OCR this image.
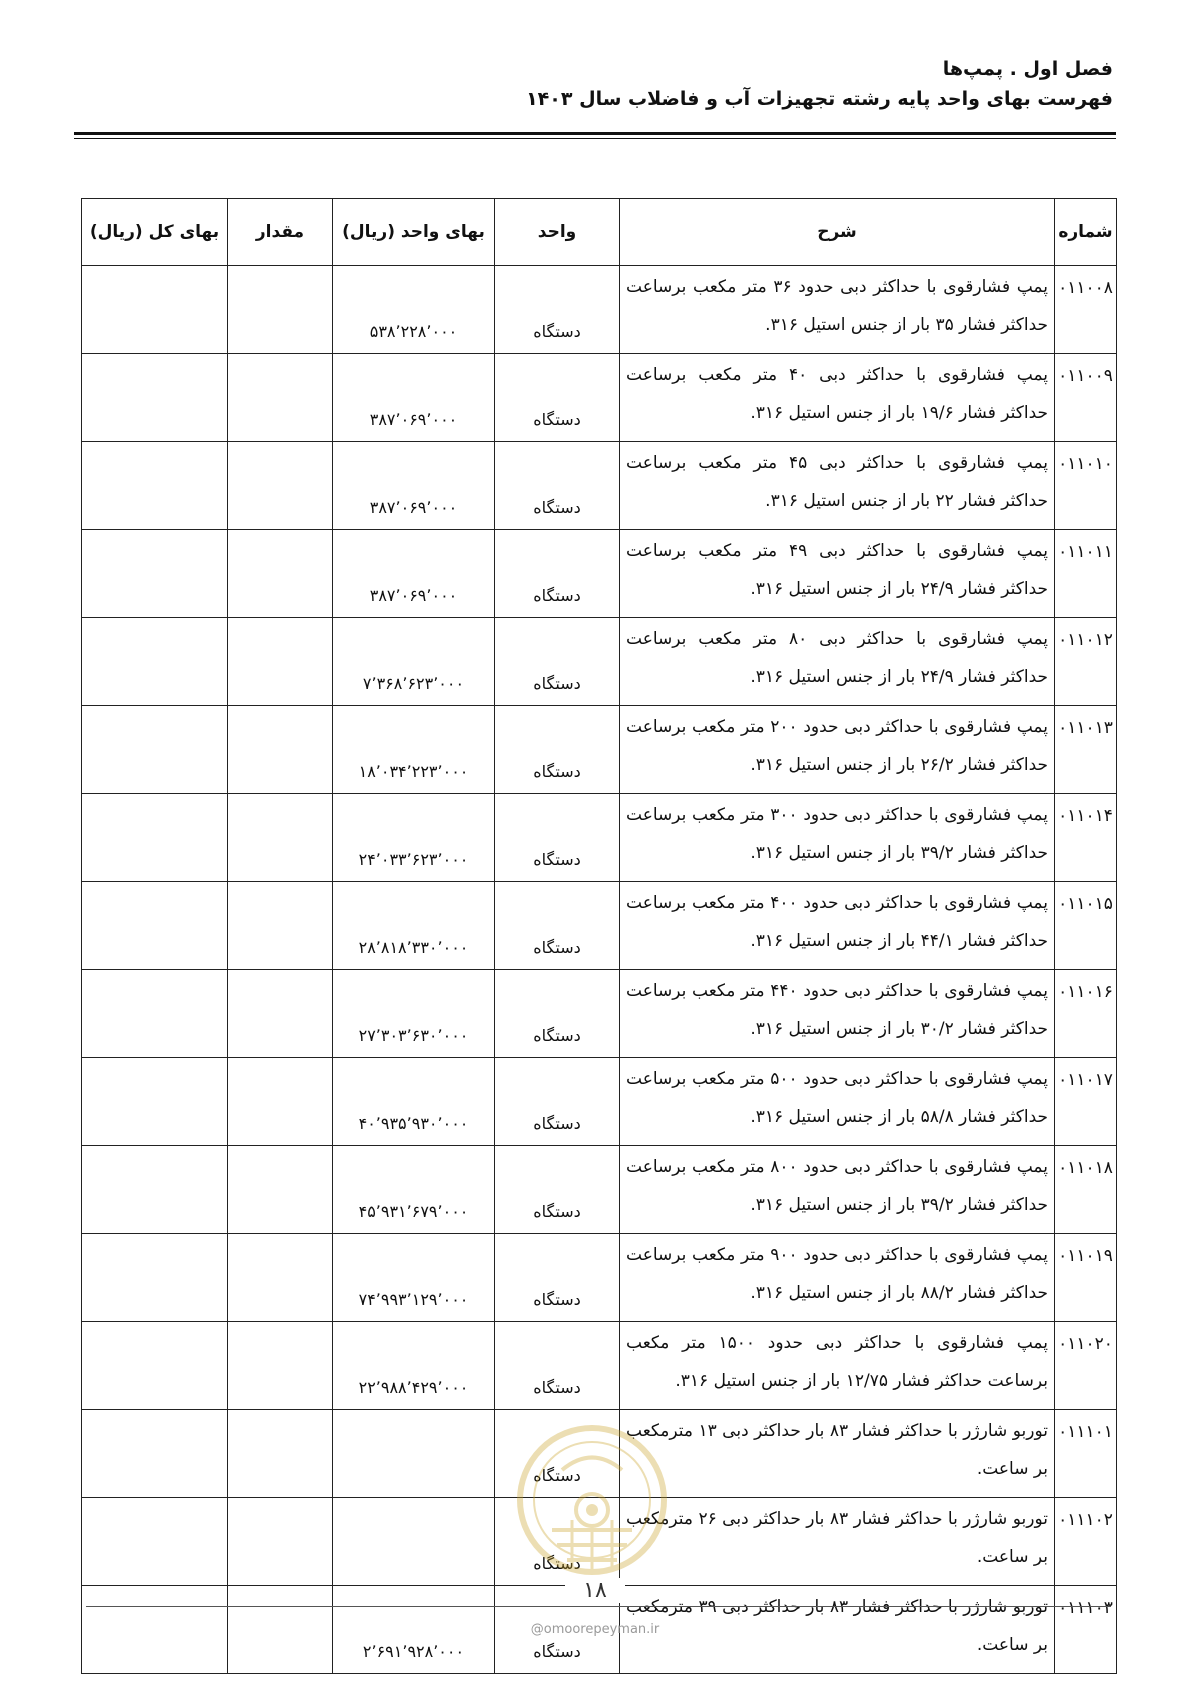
فصل اول . پمپ‌ها
فهرست بهای واحد پایه رشته تجهیزات آب و فاضلاب سال ۱۴۰۳
شماره	شرح	واحد	بهای واحد (ریال)	مقدار	بهای کل (ریال)
۰۱۱۰۰۸	پمپ فشارقوی با حداکثر دبی حدود ۳۶ متر مکعب برساعت حداکثر فشار ۳۵ بار از جنس استیل ۳۱۶.	دستگاه	۵۳۸٬۲۲۸٬۰۰۰		
۰۱۱۰۰۹	پمپ فشارقوی با حداکثر دبی ۴۰ متر مکعب برساعت حداکثر فشار ۱۹/۶ بار از جنس استیل ۳۱۶.	دستگاه	۳۸۷٬۰۶۹٬۰۰۰		
۰۱۱۰۱۰	پمپ فشارقوی با حداکثر دبی ۴۵ متر مکعب برساعت حداکثر فشار ۲۲ بار از جنس استیل ۳۱۶.	دستگاه	۳۸۷٬۰۶۹٬۰۰۰		
۰۱۱۰۱۱	پمپ فشارقوی با حداکثر دبی ۴۹ متر مکعب برساعت حداکثر فشار ۲۴/۹ بار از جنس استیل ۳۱۶.	دستگاه	۳۸۷٬۰۶۹٬۰۰۰		
۰۱۱۰۱۲	پمپ فشارقوی با حداکثر دبی ۸۰ متر مکعب برساعت حداکثر فشار ۲۴/۹ بار از جنس استیل ۳۱۶.	دستگاه	۷٬۳۶۸٬۶۲۳٬۰۰۰		
۰۱۱۰۱۳	پمپ فشارقوی با حداکثر دبی حدود ۲۰۰ متر مکعب برساعت حداکثر فشار ۲۶/۲ بار از جنس استیل ۳۱۶.	دستگاه	۱۸٬۰۳۴٬۲۲۳٬۰۰۰		
۰۱۱۰۱۴	پمپ فشارقوی با حداکثر دبی حدود ۳۰۰ متر مکعب برساعت حداکثر فشار ۳۹/۲ بار از جنس استیل ۳۱۶.	دستگاه	۲۴٬۰۳۳٬۶۲۳٬۰۰۰		
۰۱۱۰۱۵	پمپ فشارقوی با حداکثر دبی حدود ۴۰۰ متر مکعب برساعت حداکثر فشار ۴۴/۱ بار از جنس استیل ۳۱۶.	دستگاه	۲۸٬۸۱۸٬۳۳۰٬۰۰۰		
۰۱۱۰۱۶	پمپ فشارقوی با حداکثر دبی حدود ۴۴۰ متر مکعب برساعت حداکثر فشار ۳۰/۲ بار از جنس استیل ۳۱۶.	دستگاه	۲۷٬۳۰۳٬۶۳۰٬۰۰۰		
۰۱۱۰۱۷	پمپ فشارقوی با حداکثر دبی حدود ۵۰۰ متر مکعب برساعت حداکثر فشار ۵۸/۸ بار از جنس استیل ۳۱۶.	دستگاه	۴۰٬۹۳۵٬۹۳۰٬۰۰۰		
۰۱۱۰۱۸	پمپ فشارقوی با حداکثر دبی حدود ۸۰۰ متر مکعب برساعت حداکثر فشار ۳۹/۲ بار از جنس استیل ۳۱۶.	دستگاه	۴۵٬۹۳۱٬۶۷۹٬۰۰۰		
۰۱۱۰۱۹	پمپ فشارقوی با حداکثر دبی حدود ۹۰۰ متر مکعب برساعت حداکثر فشار ۸۸/۲ بار از جنس استیل ۳۱۶.	دستگاه	۷۴٬۹۹۳٬۱۲۹٬۰۰۰		
۰۱۱۰۲۰	پمپ فشارقوی با حداکثر دبی حدود ۱۵۰۰ متر مکعب برساعت حداکثر فشار ۱۲/۷۵ بار از جنس استیل ۳۱۶.	دستگاه	۲۲٬۹۸۸٬۴۲۹٬۰۰۰		
۰۱۱۱۰۱	توربو شارژر با حداکثر فشار ۸۳ بار حداکثر دبی ۱۳ مترمکعب بر ساعت.	دستگاه			
۰۱۱۱۰۲	توربو شارژر با حداکثر فشار ۸۳ بار حداکثر دبی ۲۶ مترمکعب بر ساعت.	دستگاه			
۰۱۱۱۰۳	توربو شارژر با حداکثر فشار ۸۳ بار حداکثر دبی ۳۹ مترمکعب بر ساعت.	دستگاه	۲٬۶۹۱٬۹۲۸٬۰۰۰		
۱۸
@omoorepeyman.ir
